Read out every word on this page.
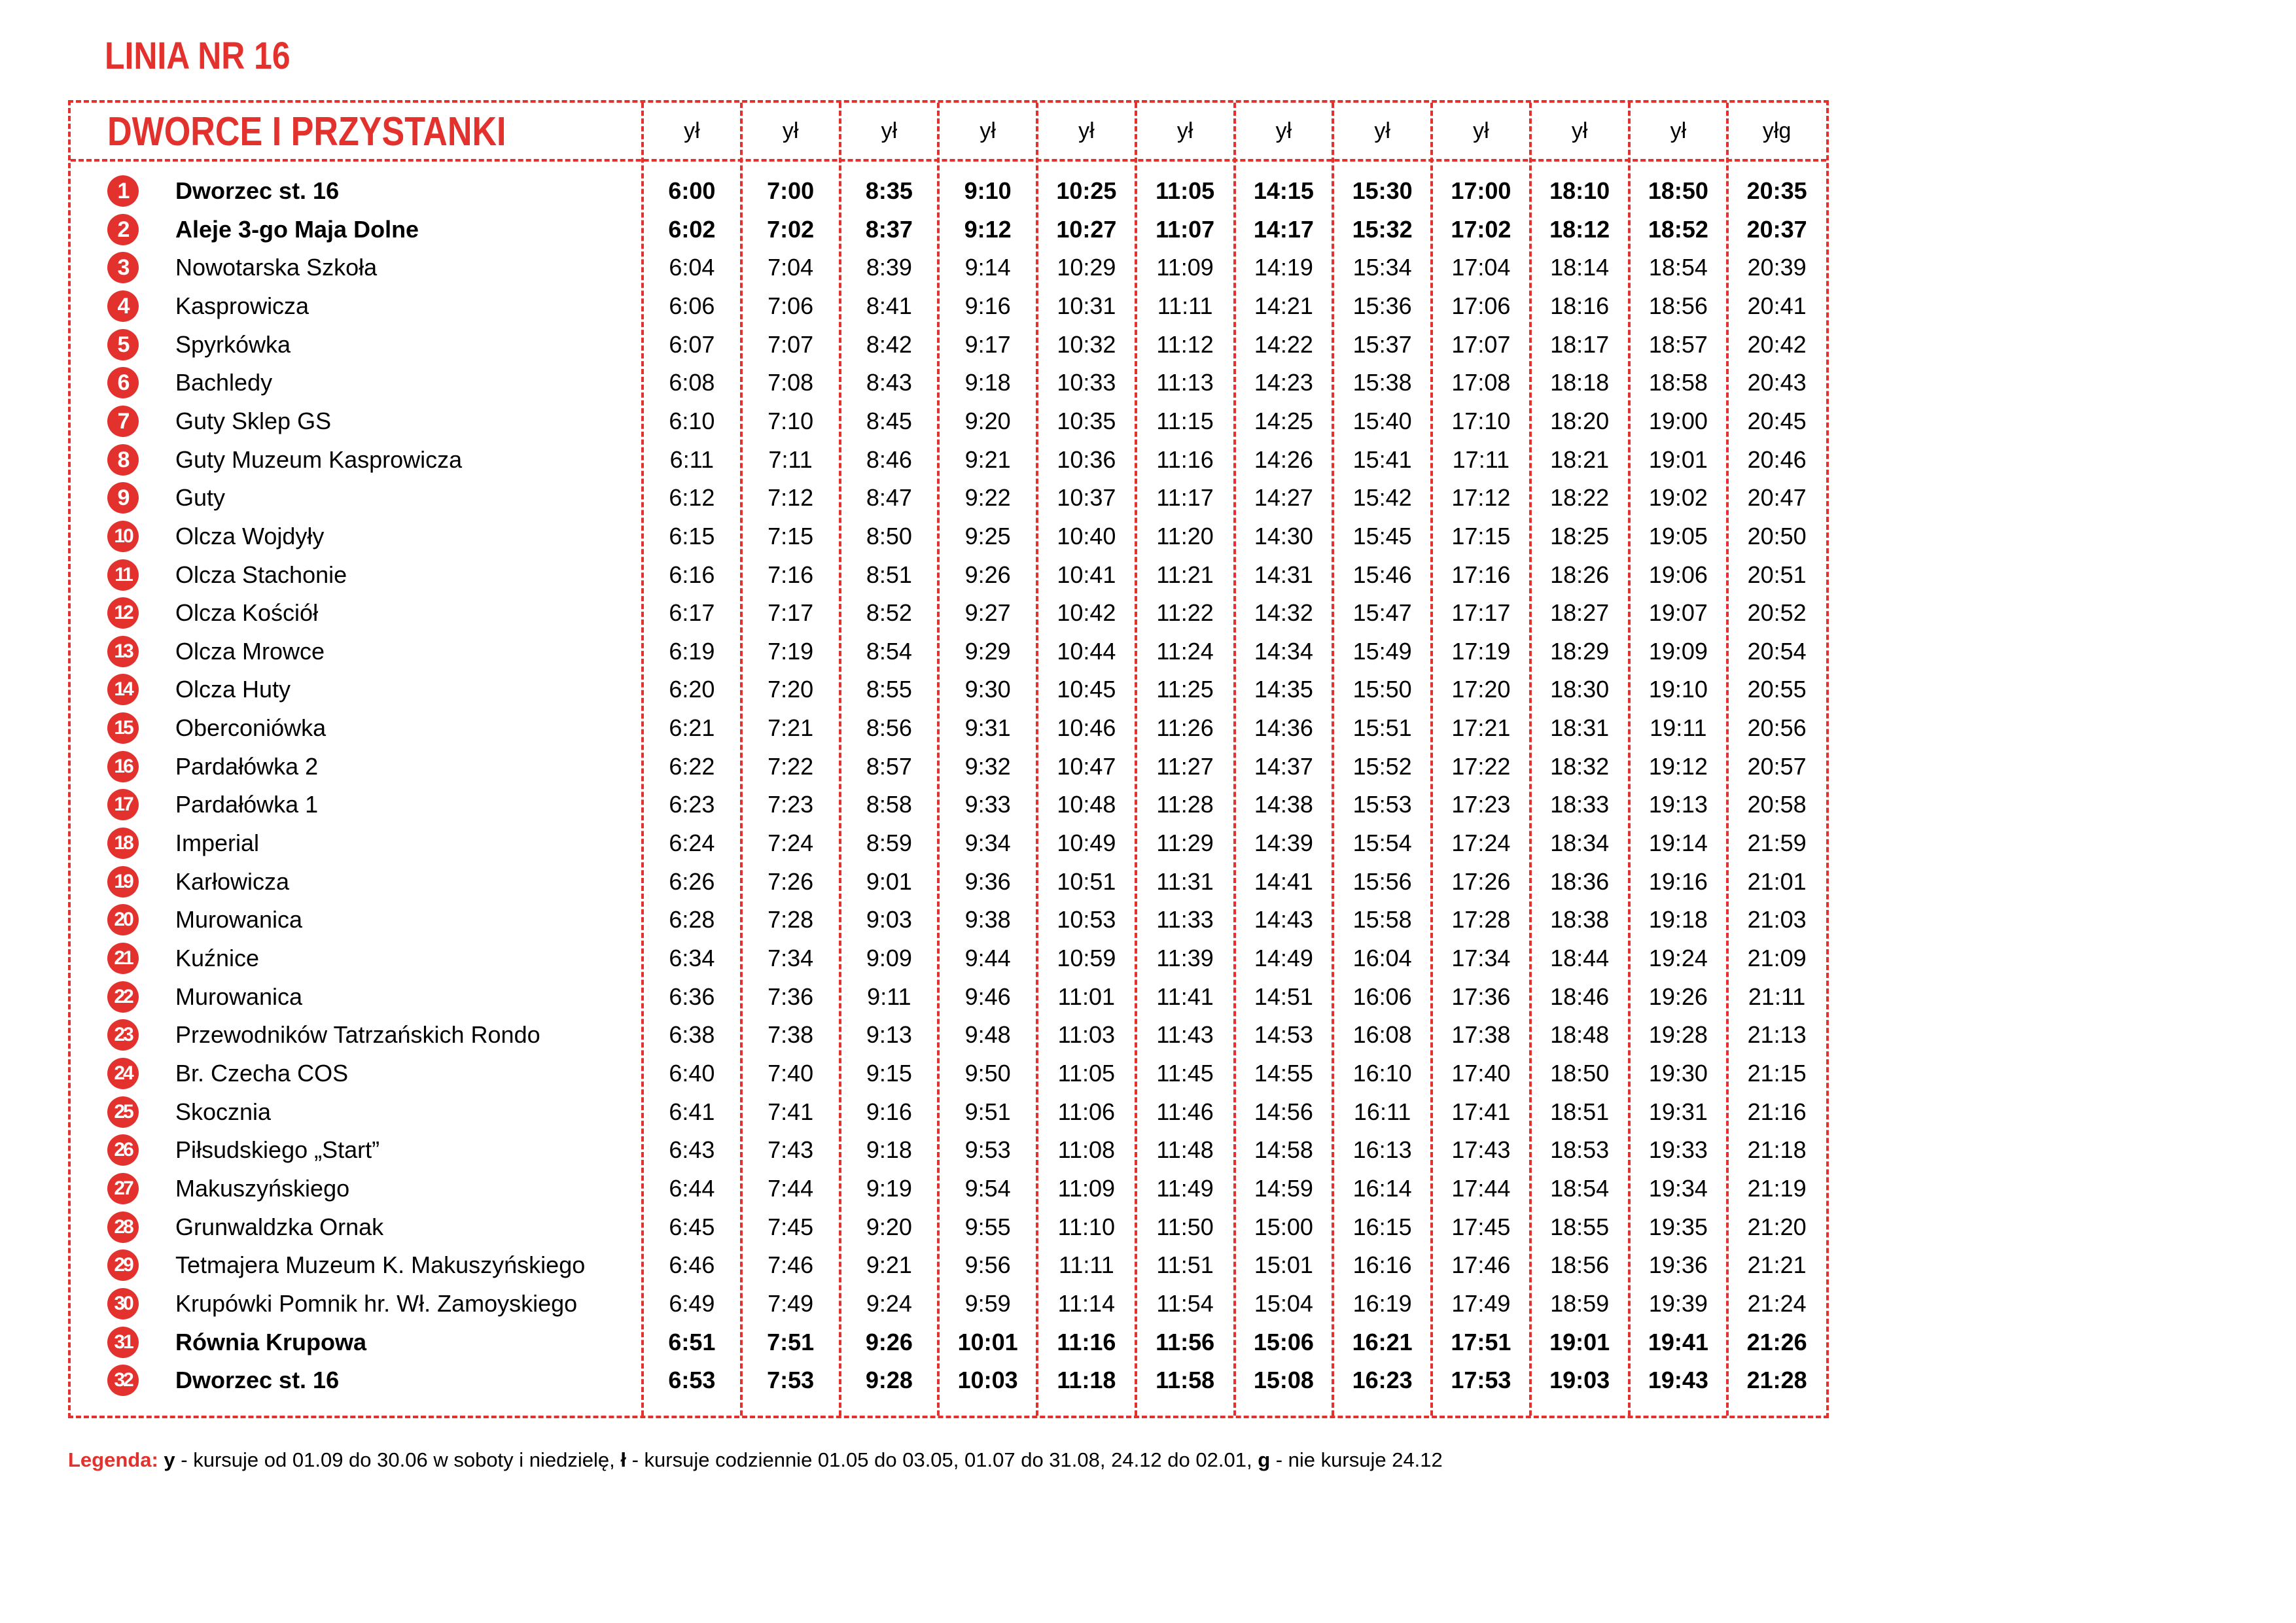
LINIA NR 16
DWORCE I PRZYSTANKI	ył	ył	ył	ył	ył	ył	ył	ył	ył	ył	ył	yłg
1	Dworzec st. 16	6:00	7:00	8:35	9:10	10:25	11:05	14:15	15:30	17:00	18:10	18:50	20:35
2	Aleje 3-go Maja Dolne	6:02	7:02	8:37	9:12	10:27	11:07	14:17	15:32	17:02	18:12	18:52	20:37
3	Nowotarska Szkoła	6:04	7:04	8:39	9:14	10:29	11:09	14:19	15:34	17:04	18:14	18:54	20:39
4	Kasprowicza	6:06	7:06	8:41	9:16	10:31	11:11	14:21	15:36	17:06	18:16	18:56	20:41
5	Spyrkówka	6:07	7:07	8:42	9:17	10:32	11:12	14:22	15:37	17:07	18:17	18:57	20:42
6	Bachledy	6:08	7:08	8:43	9:18	10:33	11:13	14:23	15:38	17:08	18:18	18:58	20:43
7	Guty Sklep GS	6:10	7:10	8:45	9:20	10:35	11:15	14:25	15:40	17:10	18:20	19:00	20:45
8	Guty Muzeum Kasprowicza	6:11	7:11	8:46	9:21	10:36	11:16	14:26	15:41	17:11	18:21	19:01	20:46
9	Guty	6:12	7:12	8:47	9:22	10:37	11:17	14:27	15:42	17:12	18:22	19:02	20:47
10 Olcza Wojdyły	6:15	7:15	8:50	9:25	10:40	11:20	14:30	15:45	17:15	18:25	19:05	20:50
11	Olcza Stachonie	6:16	7:16	8:51	9:26	10:41	11:21	14:31	15:46	17:16	18:26	19:06	20:51
12 Olcza Kościół	6:17	7:17	8:52	9:27	10:42	11:22	14:32	15:47	17:17	18:27	19:07	20:52
13 Olcza Mrowce	6:19	7:19	8:54	9:29	10:44	11:24	14:34	15:49	17:19	18:29	19:09	20:54
14 Olcza Huty	6:20	7:20	8:55	9:30	10:45	11:25	14:35	15:50	17:20	18:30	19:10	20:55
15 Oberconiówka	6:21	7:21	8:56	9:31	10:46	11:26	14:36	15:51	17:21	18:31	19:11	20:56
16 Pardałówka 2	6:22	7:22	8:57	9:32	10:47	11:27	14:37	15:52	17:22	18:32	19:12	20:57
17 Pardałówka 1	6:23	7:23	8:58	9:33	10:48	11:28	14:38	15:53	17:23	18:33	19:13	20:58
18 Imperial	6:24	7:24	8:59	9:34	10:49	11:29	14:39	15:54	17:24	18:34	19:14	21:59
19 Karłowicza	6:26	7:26	9:01	9:36	10:51	11:31	14:41	15:56	17:26	18:36	19:16	21:01
20 Murowanica	6:28	7:28	9:03	9:38	10:53	11:33	14:43	15:58	17:28	18:38	19:18	21:03
21 Kuźnice	6:34	7:34	9:09	9:44	10:59	11:39	14:49	16:04	17:34	18:44	19:24	21:09
22 Murowanica	6:36	7:36	9:11	9:46	11:01	11:41	14:51	16:06	17:36	18:46	19:26	21:11
23 Przewodników Tatrzańskich Rondo	6:38	7:38	9:13	9:48	11:03	11:43	14:53	16:08	17:38	18:48	19:28	21:13
24 Br. Czecha COS	6:40	7:40	9:15	9:50	11:05	11:45	14:55	16:10	17:40	18:50	19:30	21:15
25 Skocznia	6:41	7:41	9:16	9:51	11:06	11:46	14:56	16:11	17:41	18:51	19:31	21:16
26 Piłsudskiego „Start”	6:43	7:43	9:18	9:53	11:08	11:48	14:58	16:13	17:43	18:53	19:33	21:18
27 Makuszyńskiego	6:44	7:44	9:19	9:54	11:09	11:49	14:59	16:14	17:44	18:54	19:34	21:19
28 Grunwaldzka Ornak	6:45	7:45	9:20	9:55	11:10	11:50	15:00	16:15	17:45	18:55	19:35	21:20
29 Tetmajera Muzeum K. Makuszyńskiego	6:46	7:46	9:21	9:56	11:11	11:51	15:01	16:16	17:46	18:56	19:36	21:21
30 Krupówki Pomnik hr. Wł. Zamoyskiego	6:49	7:49	9:24	9:59	11:14	11:54	15:04	16:19	17:49	18:59	19:39	21:24
31 Równia Krupowa	6:51	7:51	9:26	10:01	11:16	11:56	15:06	16:21	17:51	19:01	19:41	21:26
32 Dworzec st. 16	6:53	7:53	9:28	10:03	11:18	11:58	15:08	16:23	17:53	19:03	19:43	21:28
Legenda: y - kursuje od 01.09 do 30.06 w soboty i niedzielę, ł - kursuje codziennie 01.05 do 03.05, 01.07 do 31.08, 24.12 do 02.01, g - nie kursuje 24.12
